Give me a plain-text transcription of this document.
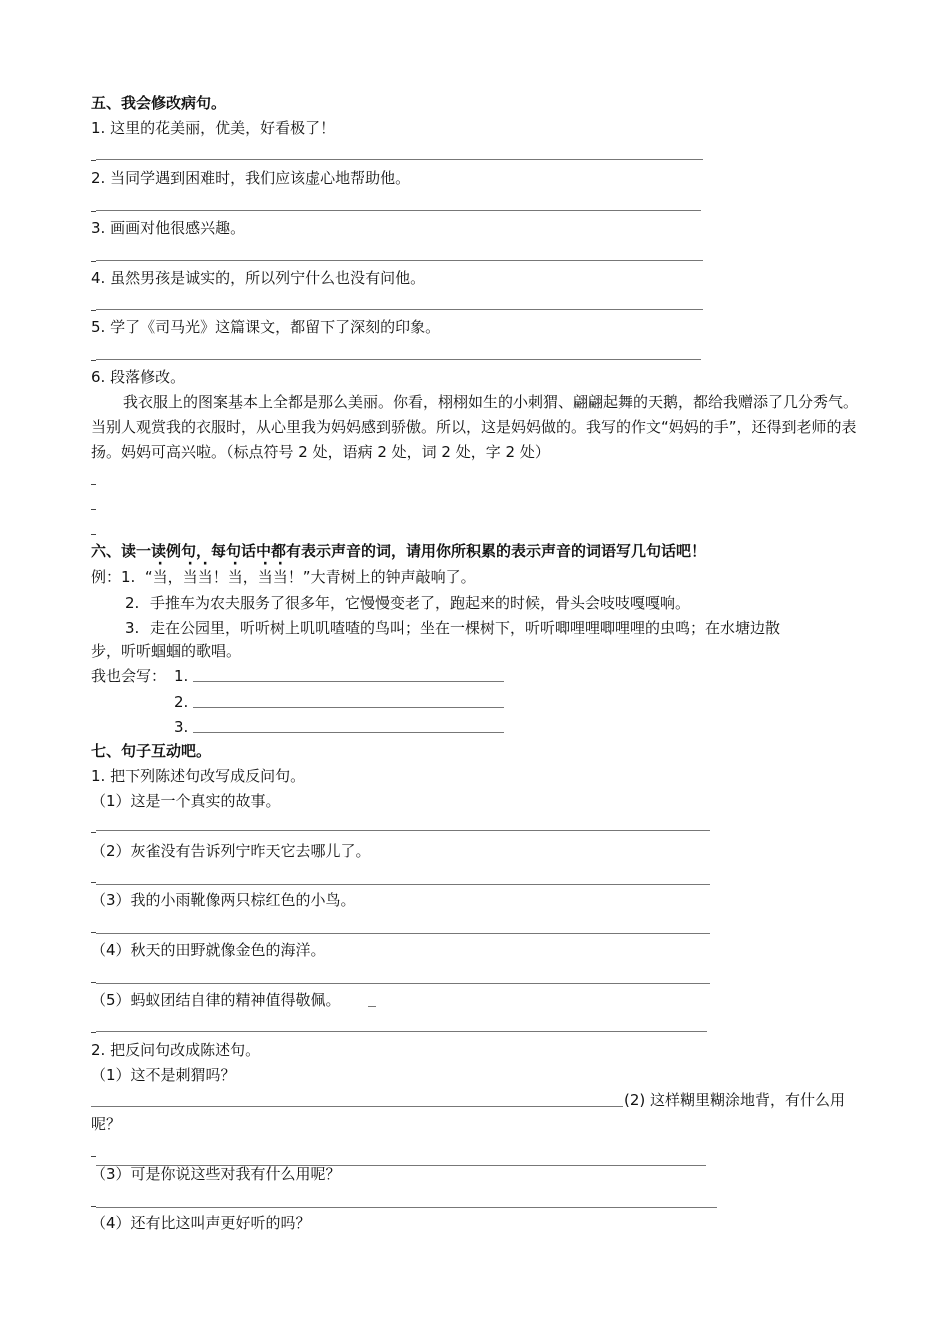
五、我会修改病句。
1. 这里的花美丽，优美，好看极了！
2. 当同学遇到困难时，我们应该虚心地帮助他。
3. 画画对他很感兴趣。
4. 虽然男孩是诚实的，所以列宁什么也没有问他。
5. 学了《司马光》这篇课文，都留下了深刻的印象。
6. 段落修改。
我衣服上的图案基本上全都是那么美丽。你看，栩栩如生的小刺猬、翩翩起舞的天鹅，都给我赠添了几分秀气。当别人观赏我的衣服时，从心里我为妈妈感到骄傲。所以，这是妈妈做的。我写的作文“妈妈的手”，还得到老师的表扬。妈妈可高兴啦。（标点符号 2 处，语病 2 处，词 2 处，字 2 处）
六、读一读例句，每句话中都有表示声音的词，请用你所积累的表示声音的词语写几句话吧！
例：1. “当，当当！当，当当！”大青树上的钟声敲响了。
2. 手推车为农夫服务了很多年，它慢慢变老了，跑起来的时候，骨头会吱吱嘎嘎响。
3. 走在公园里，听听树上叽叽喳喳的鸟叫；坐在一棵树下，听听唧哩哩唧哩哩的虫鸣；在水塘边散
步，听听蝈蝈的歌唱。
我也会写： 1.
2.
3.
七、句子互动吧。
1. 把下列陈述句改写成反问句。
（1）这是一个真实的故事。
（2）灰雀没有告诉列宁昨天它去哪儿了。
（3）我的小雨靴像两只棕红色的小鸟。
（4）秋天的田野就像金色的海洋。
（5）蚂蚁团结自律的精神值得敬佩。
2. 把反问句改成陈述句。
（1）这不是刺猬吗？
(2) 这样糊里糊涂地背，有什么用
呢？
（3）可是你说这些对我有什么用呢？
（4）还有比这叫声更好听的吗？
